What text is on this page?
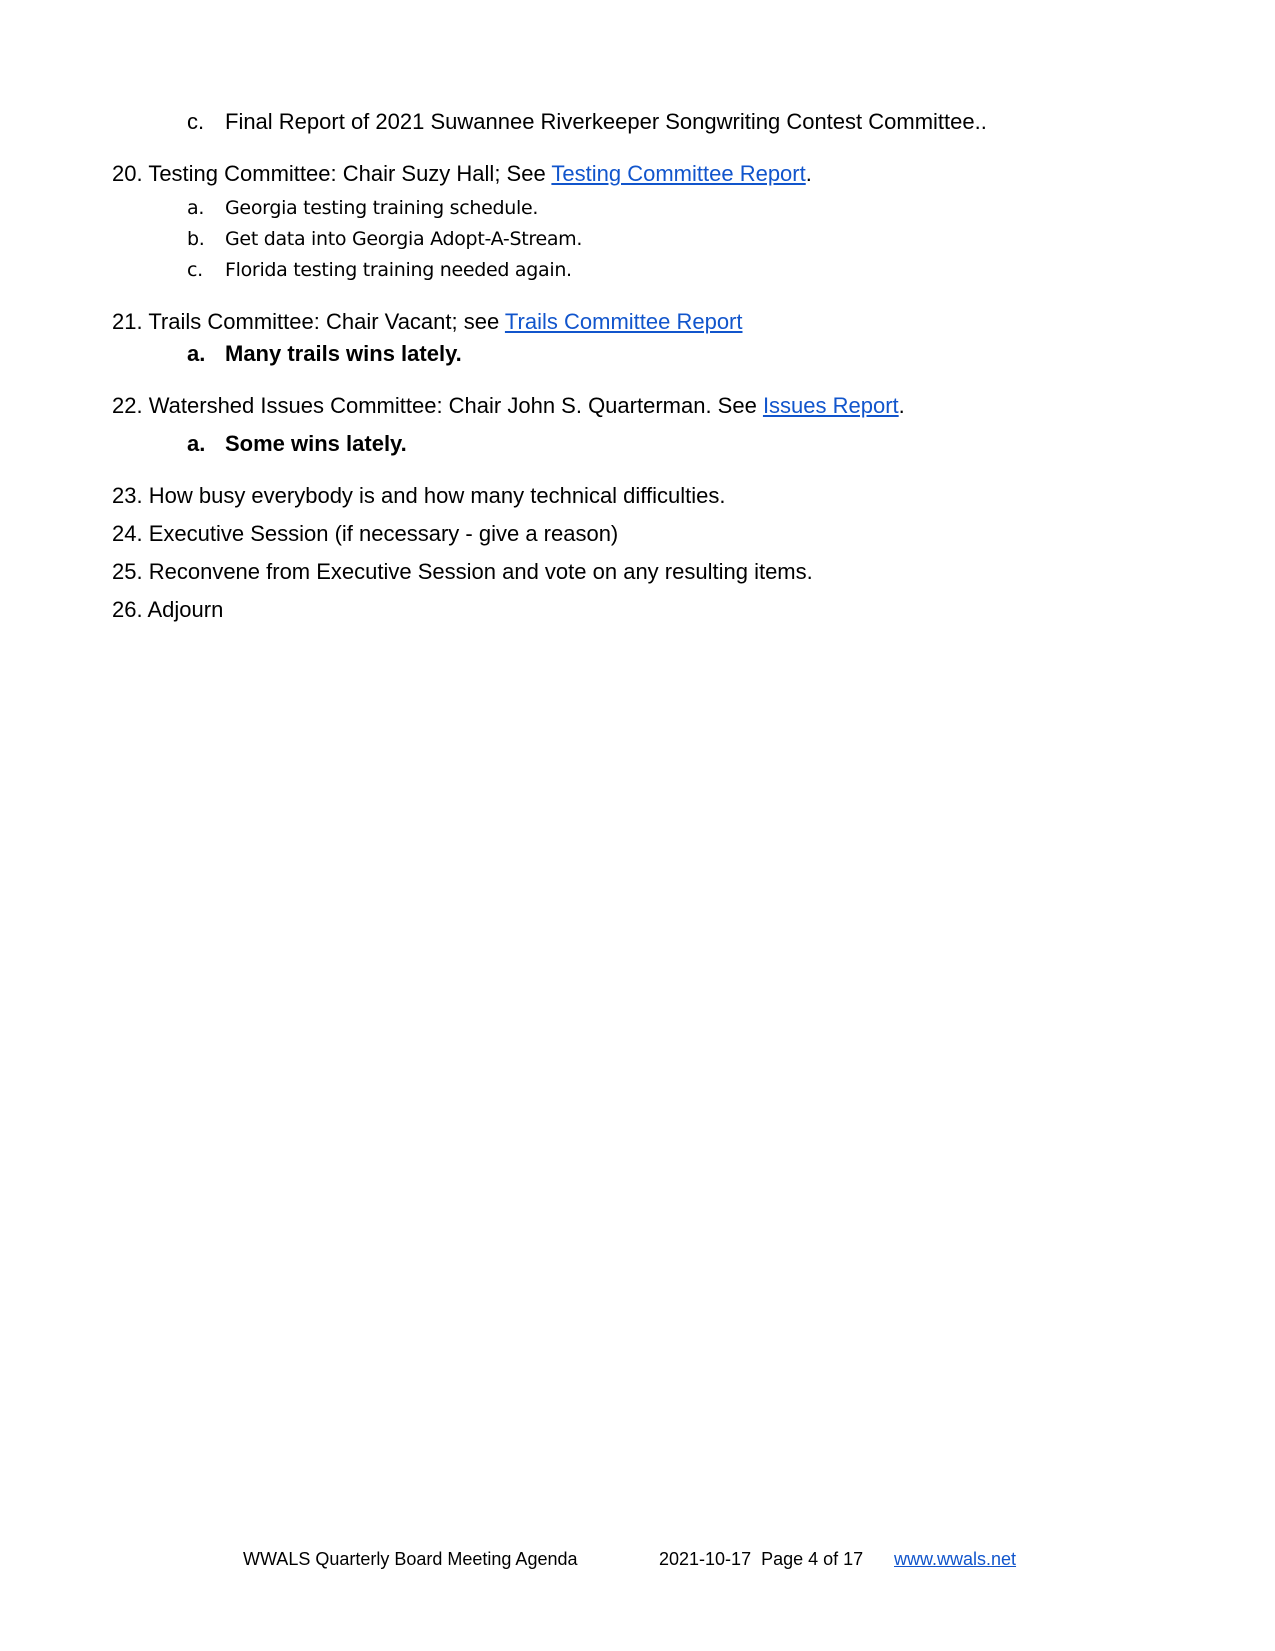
c. Final Report of 2021 Suwannee Riverkeeper Songwriting Contest Committee..
20. Testing Committee: Chair Suzy Hall; See Testing Committee Report.
a. Georgia testing training schedule.
b. Get data into Georgia Adopt-A-Stream.
c. Florida testing training needed again.
21. Trails Committee: Chair Vacant; see Trails Committee Report
a. Many trails wins lately.
22. Watershed Issues Committee: Chair John S. Quarterman. See Issues Report.
a. Some wins lately.
23. How busy everybody is and how many technical difficulties.
24. Executive Session (if necessary - give a reason)
25. Reconvene from Executive Session and vote on any resulting items.
26. Adjourn
WWALS Quarterly Board Meeting Agenda	2021-10-17  Page 4 of 17 www.wwals.net
